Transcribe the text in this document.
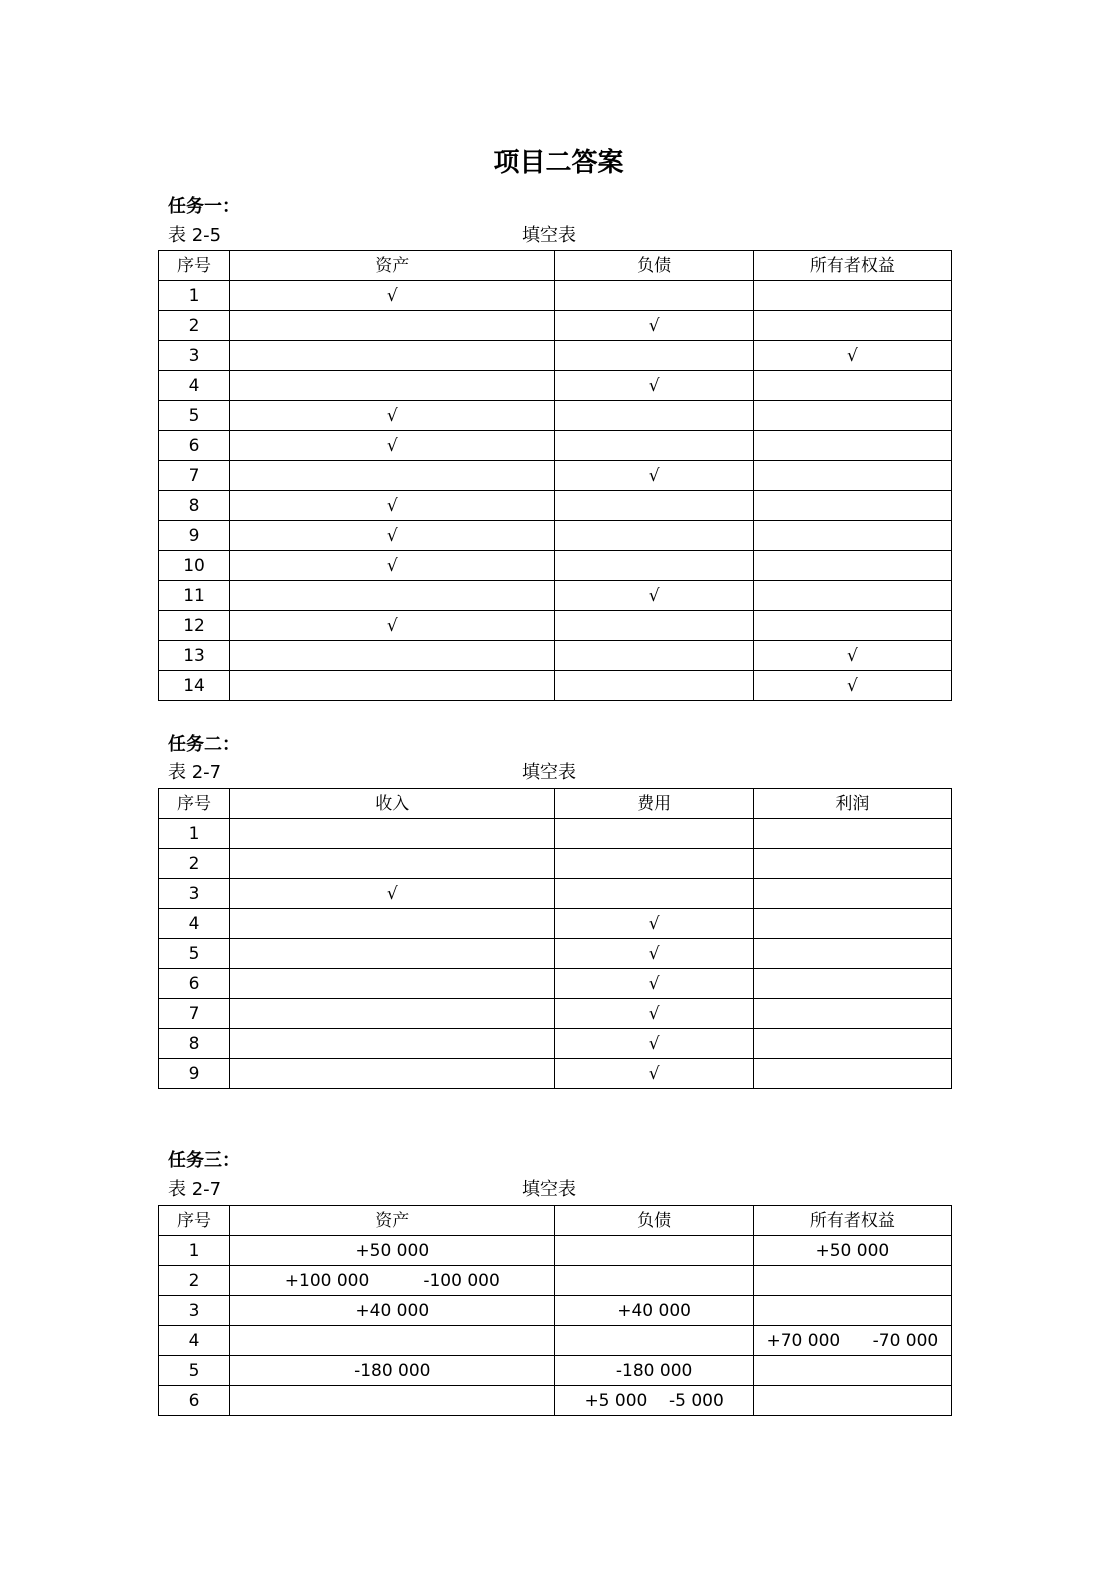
项目二答案
任务一：
表 2-5	填空表
序号	资产	负债	所有者权益
1	√		
2		√	
3			√
4		√	
5	√		
6	√		
7		√	
8	√		
9	√		
10	√		
11		√	
12	√		
13			√
14			√
任务二：
表 2-7	填空表
序号	收入	费用	利润
1			
2			
3	√		
4		√	
5		√	
6		√	
7		√	
8		√	
9		√	
任务三：
表 2-7	填空表
序号	资产	负债	所有者权益
1	+50 000		+50 000
2	+100 000          -100 000		
3	+40 000	+40 000	
4			+70 000      -70 000
5	-180 000	-180 000	
6		+5 000    -5 000	
